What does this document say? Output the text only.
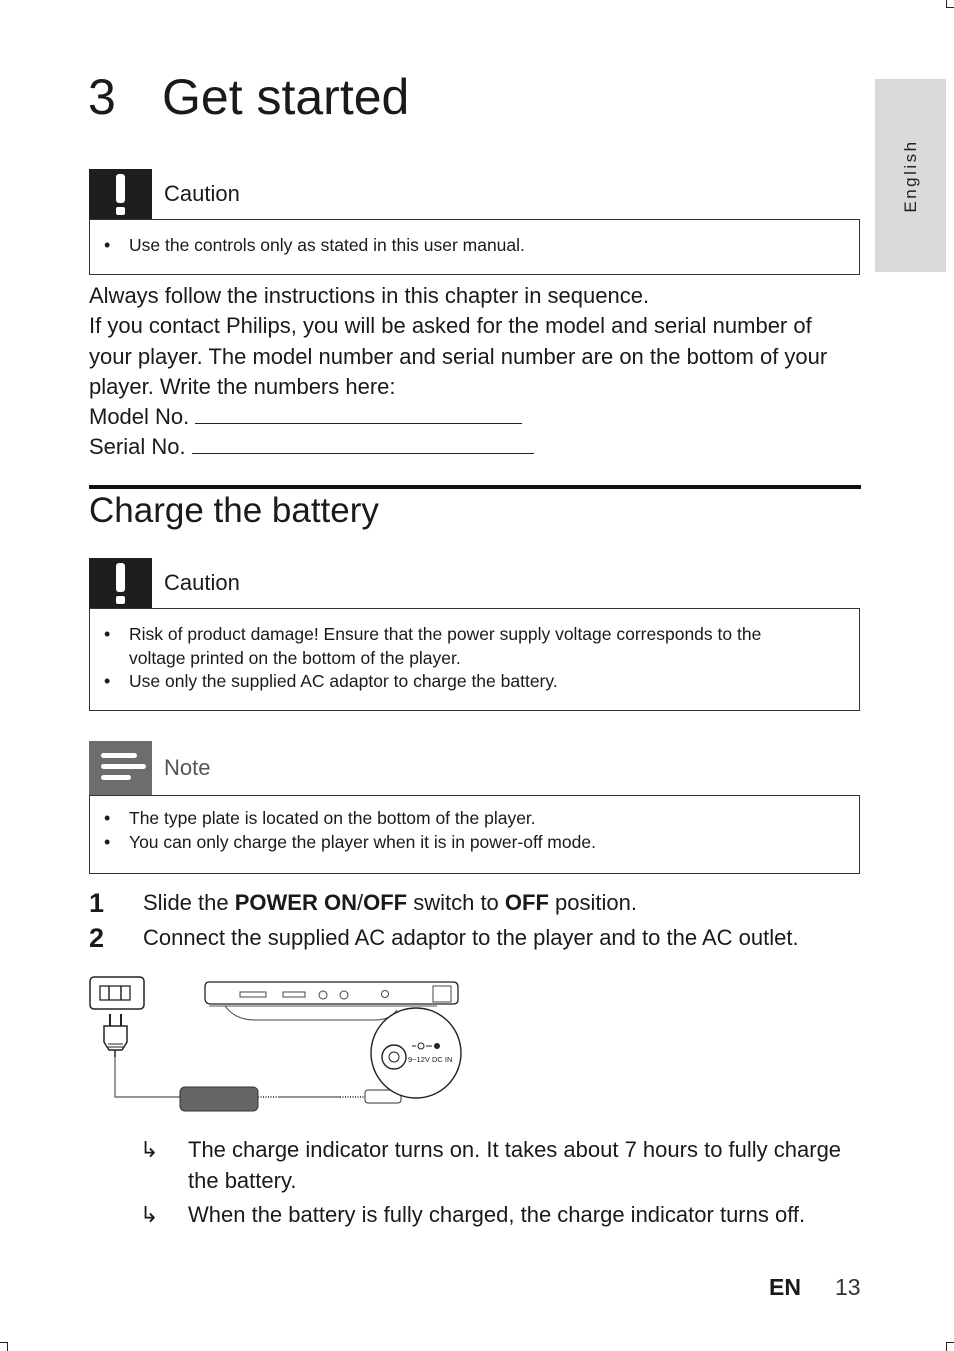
English
3 Get started
Caution
• Use the controls only as stated in this user manual.

Always follow the instructions in this chapter in sequence.

If you contact Philips, you will be asked for the model and serial number of your player. The model number and serial number are on the bottom of your player. Write the numbers here:

Model No.

Serial No.

Charge the battery
Caution
• Risk of product damage! Ensure that the power supply voltage corresponds to the voltage printed on the bottom of the player.
• Use only the supplied AC adaptor to charge the battery.
Note
• The type plate is located on the bottom of the player.
• You can only charge the player when it is in power-off mode.
1 Slide the POWER ON/OFF switch to OFF position.
2 Connect the supplied AC adaptor to the player and to the AC outlet.
9~12V DC IN
↳ The charge indicator turns on. It takes about 7 hours to fully charge the battery.
↳ When the battery is fully charged, the charge indicator turns off.
EN 13
